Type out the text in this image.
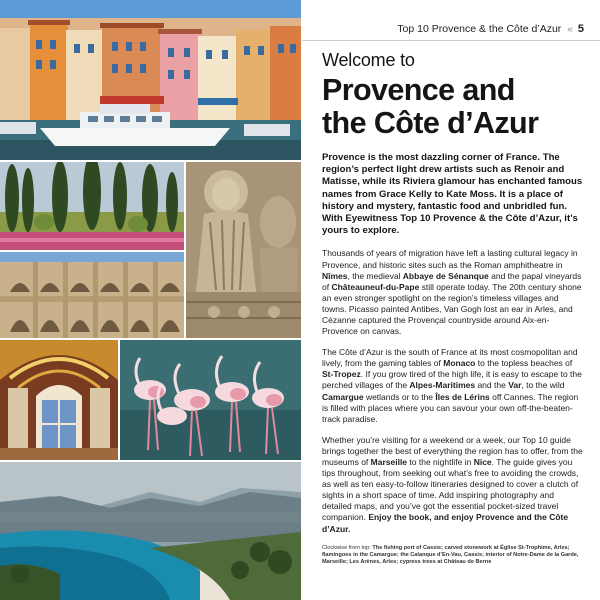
Top 10 Provence & the Côte d’Azur « 5

Welcome to

Provence and
the Côte d’Azur

Provence is the most dazzling corner of France. The region’s perfect light drew artists such as Renoir and Matisse, while its Riviera glamour has enchanted famous names from Grace Kelly to Kate Moss. It is a place of history and mystery, fantastic food and unbridled fun. With Eyewitness Top 10 Provence & the Côte d’Azur, it’s yours to explore.

Thousands of years of migration have left a lasting cultural legacy in Provence, and historic sites such as the Roman amphitheatre in Nîmes, the medieval Abbaye de Sénanque and the papal vineyards of Châteauneuf-du-Pape still operate today. The 20th century shone an even stronger spotlight on the region’s timeless villages and towns. Picasso painted Antibes, Van Gogh lost an ear in Arles, and Cézanne captured the Provençal countryside around Aix-en-Provence on canvas.

The Côte d’Azur is the south of France at its most cosmopolitan and lively, from the gaming tables of Monaco to the topless beaches of St-Tropez. If you grow tired of the high life, it is easy to escape to the perched villages of the Alpes-Maritimes and the Var, to the wild Camargue wetlands or to the Îles de Lérins off Cannes. The region is filled with places where you can savour your own off-the-beaten-track paradise.

Whether you’re visiting for a weekend or a week, our Top 10 guide brings together the best of everything the region has to offer, from the museums of Marseille to the nightlife in Nice. The guide gives you tips throughout, from seeking out what’s free to avoiding the crowds, as well as ten easy-to-follow itineraries designed to cover a clutch of sights in a short space of time. Add inspiring photography and detailed maps, and you’ve got the essential pocket-sized travel companion. Enjoy the book, and enjoy Provence and the Côte d’Azur.

Clockwise from top: The fishing port of Cassis; carved stonework at Église St-Trophime, Arles; flamingoes in the Camargue; the Calanque d’En-Vau, Cassis; interior of Notre-Dame de la Garde, Marseille; Les Arènes, Arles; cypress trees at Château de Berne
